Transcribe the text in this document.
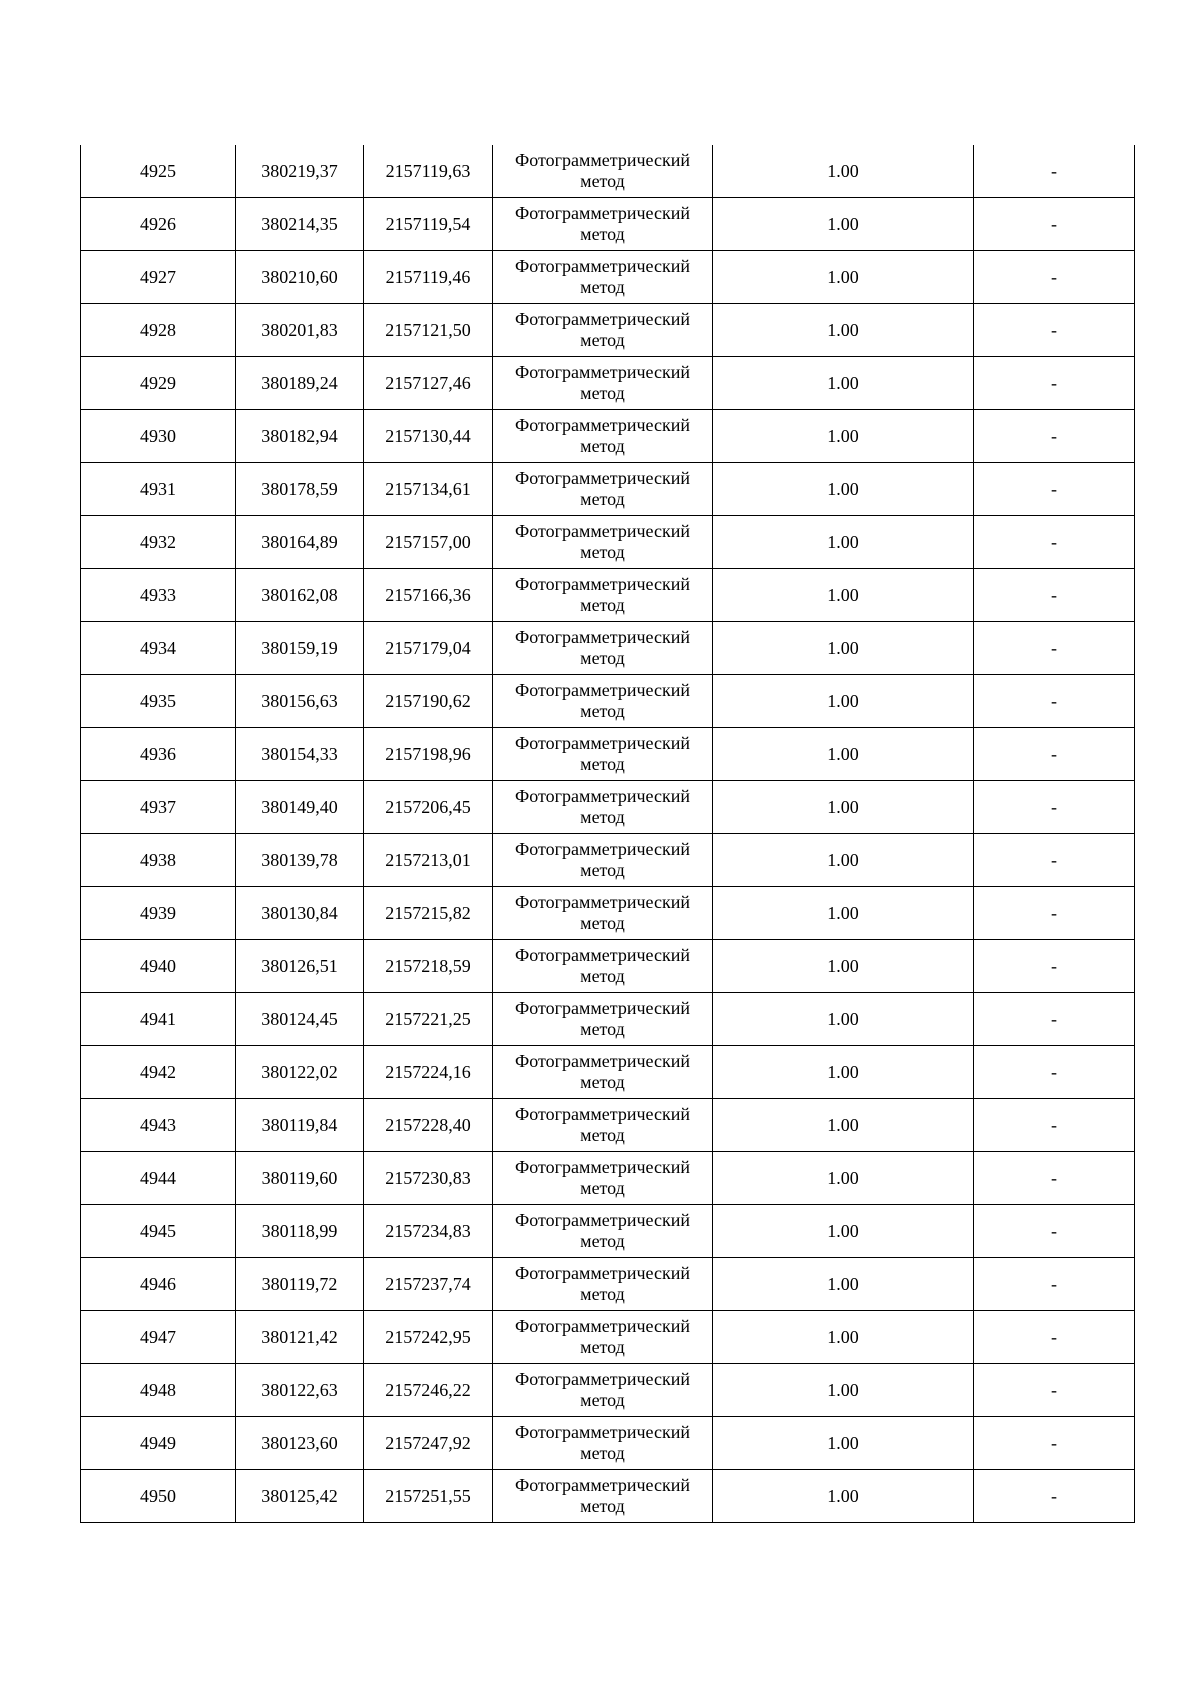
4925	380219,37	2157119,63	Фотограмметрический метод	1.00	-
4926	380214,35	2157119,54	Фотограмметрический метод	1.00	-
4927	380210,60	2157119,46	Фотограмметрический метод	1.00	-
4928	380201,83	2157121,50	Фотограмметрический метод	1.00	-
4929	380189,24	2157127,46	Фотограмметрический метод	1.00	-
4930	380182,94	2157130,44	Фотограмметрический метод	1.00	-
4931	380178,59	2157134,61	Фотограмметрический метод	1.00	-
4932	380164,89	2157157,00	Фотограмметрический метод	1.00	-
4933	380162,08	2157166,36	Фотограмметрический метод	1.00	-
4934	380159,19	2157179,04	Фотограмметрический метод	1.00	-
4935	380156,63	2157190,62	Фотограмметрический метод	1.00	-
4936	380154,33	2157198,96	Фотограмметрический метод	1.00	-
4937	380149,40	2157206,45	Фотограмметрический метод	1.00	-
4938	380139,78	2157213,01	Фотограмметрический метод	1.00	-
4939	380130,84	2157215,82	Фотограмметрический метод	1.00	-
4940	380126,51	2157218,59	Фотограмметрический метод	1.00	-
4941	380124,45	2157221,25	Фотограмметрический метод	1.00	-
4942	380122,02	2157224,16	Фотограмметрический метод	1.00	-
4943	380119,84	2157228,40	Фотограмметрический метод	1.00	-
4944	380119,60	2157230,83	Фотограмметрический метод	1.00	-
4945	380118,99	2157234,83	Фотограмметрический метод	1.00	-
4946	380119,72	2157237,74	Фотограмметрический метод	1.00	-
4947	380121,42	2157242,95	Фотограмметрический метод	1.00	-
4948	380122,63	2157246,22	Фотограмметрический метод	1.00	-
4949	380123,60	2157247,92	Фотограмметрический метод	1.00	-
4950	380125,42	2157251,55	Фотограмметрический метод	1.00	-
